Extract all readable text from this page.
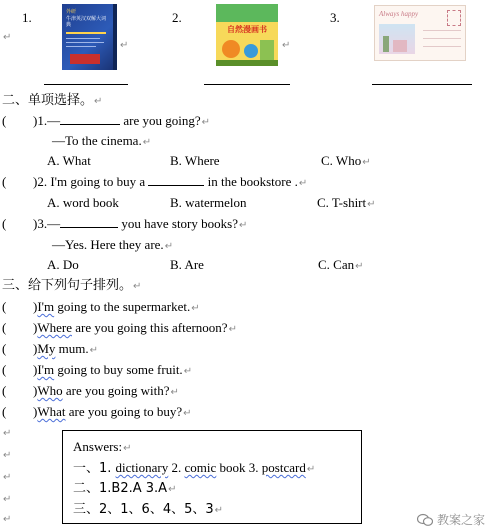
1.	2.	3.
外研
牛津英汉双解大词典
↵
自然漫画书
↵
Always happy
↵
二、单项选择。↵
( )1.—	are you going?↵
—To the cinema.↵
A. What	B. Where	C. Who↵
( )2. I'm going to buy a	in the bookstore .↵
A. word book	B. watermelon	C. T-shirt↵
( )3.—	you have story books?↵
—Yes. Here they are.↵
A. Do	B. Are	C. Can↵
三、给下列句子排列。↵
( )I'm going to the supermarket.↵
( )Where are you going this afternoon?↵
( )My mum.↵
( )I'm going to buy some fruit.↵
( )Who are you going with?↵
( )What are you going to buy?↵
↵
↵
↵
↵
↵
Answers:↵
一、1. dictionary 2. comic book 3. postcard↵
二、1.B2.A 3.A↵
三、2、1、6、4、5、3↵
教案之家
